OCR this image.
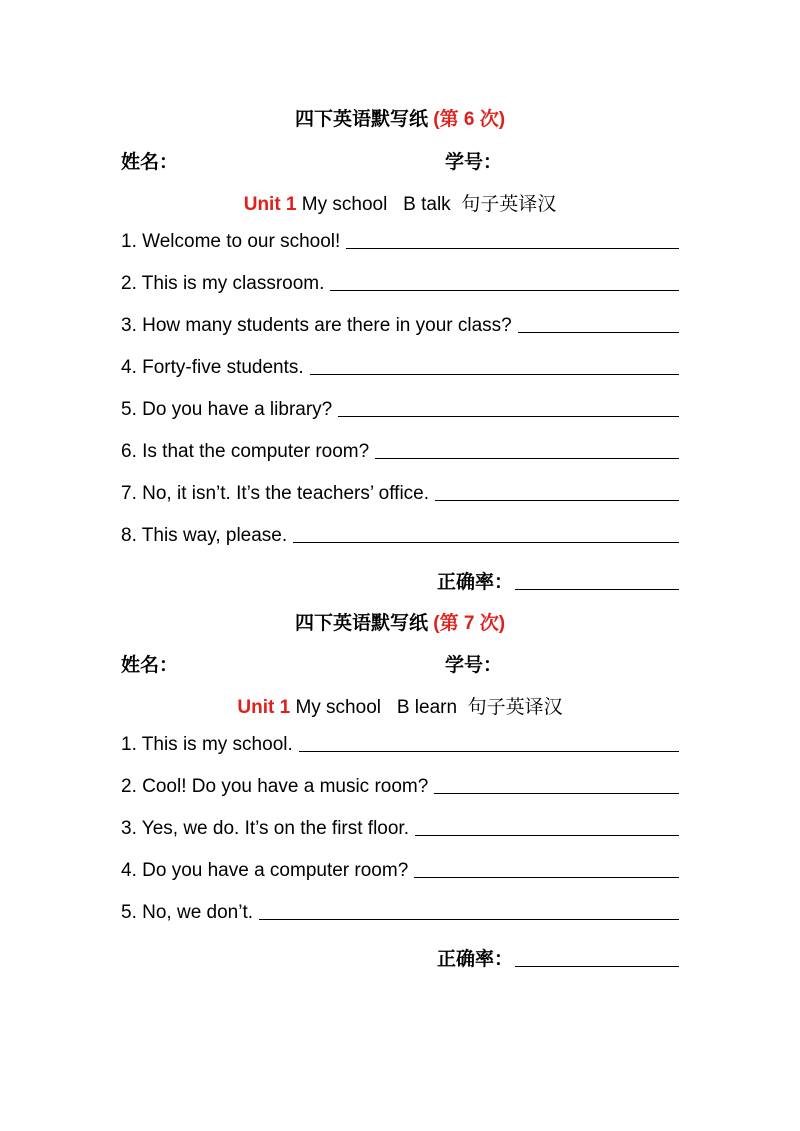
四下英语默写纸 (第 6 次)
姓名：	学号：
Unit 1 My school B talk 句子英译汉
1. Welcome to our school!
2. This is my classroom.
3. How many students are there in your class?
4. Forty-five students.
5. Do you have a library?
6. Is that the computer room?
7. No, it isn’t. It’s the teachers’ office.
8. This way, please.
正确率：
四下英语默写纸 (第 7 次)
姓名：	学号：
Unit 1 My school B learn 句子英译汉
1. This is my school.
2. Cool! Do you have a music room?
3. Yes, we do. It’s on the first floor.
4. Do you have a computer room?
5. No, we don’t.
正确率：
